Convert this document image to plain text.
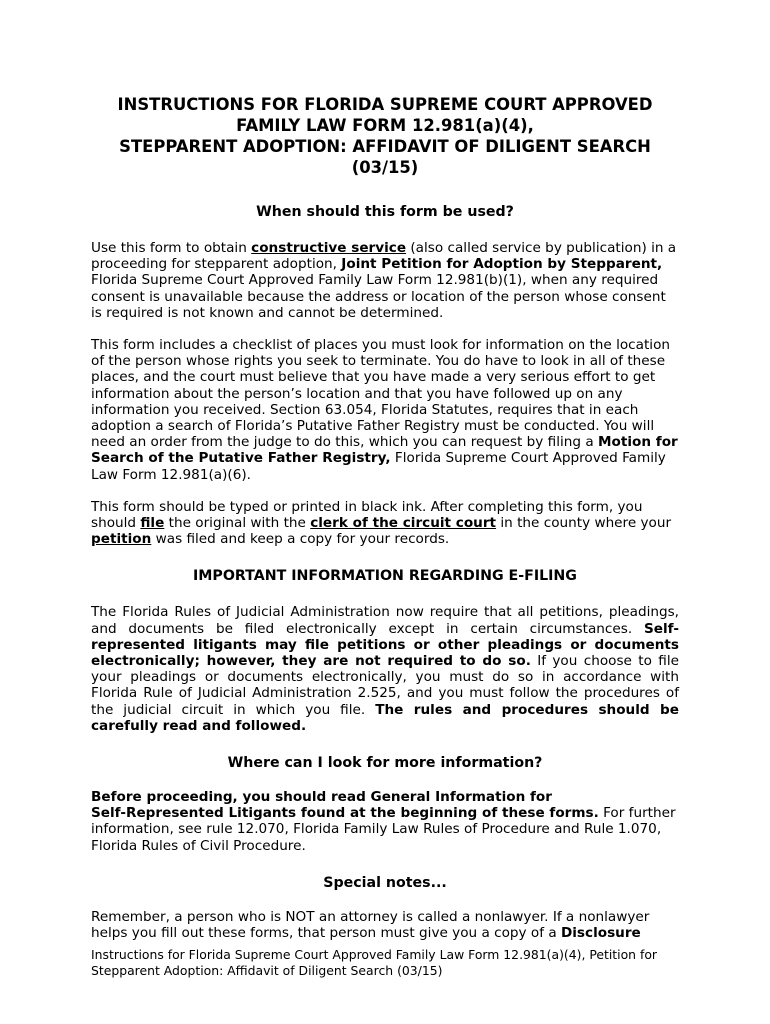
INSTRUCTIONS FOR FLORIDA SUPREME COURT APPROVED
FAMILY LAW FORM 12.981(a)(4),
STEPPARENT ADOPTION: AFFIDAVIT OF DILIGENT SEARCH
(03/15)
When should this form be used?

Use this form to obtain constructive service (also called service by publication) in a proceeding for stepparent adoption, Joint Petition for Adoption by Stepparent, Florida Supreme Court Approved Family Law Form 12.981(b)(1), when any required consent is unavailable because the address or location of the person whose consent is required is not known and cannot be determined.

This form includes a checklist of places you must look for information on the location of the person whose rights you seek to terminate. You do have to look in all of these places, and the court must believe that you have made a very serious effort to get information about the person’s location and that you have followed up on any information you received. Section 63.054, Florida Statutes, requires that in each adoption a search of Florida’s Putative Father Registry must be conducted. You will need an order from the judge to do this, which you can request by filing a Motion for Search of the Putative Father Registry, Florida Supreme Court Approved Family Law Form 12.981(a)(6).

This form should be typed or printed in black ink. After completing this form, you should file the original with the clerk of the circuit court in the county where your petition was filed and keep a copy for your records.

IMPORTANT INFORMATION REGARDING E-FILING

The Florida Rules of Judicial Administration now require that all petitions, pleadings, and documents be filed electronically except in certain circumstances. Self-represented litigants may file petitions or other pleadings or documents electronically; however, they are not required to do so. If you choose to file your pleadings or documents electronically, you must do so in accordance with Florida Rule of Judicial Administration 2.525, and you must follow the procedures of the judicial circuit in which you file. The rules and procedures should be carefully read and followed.

Where can I look for more information?

Before proceeding, you should read General Information for
Self-Represented Litigants found at the beginning of these forms. For further information, see rule 12.070, Florida Family Law Rules of Procedure and Rule 1.070, Florida Rules of Civil Procedure.

Special notes...

Remember, a person who is NOT an attorney is called a nonlawyer. If a nonlawyer helps you fill out these forms, that person must give you a copy of a Disclosure

Instructions for Florida Supreme Court Approved Family Law Form 12.981(a)(4), Petition for
Stepparent Adoption: Affidavit of Diligent Search (03/15)
